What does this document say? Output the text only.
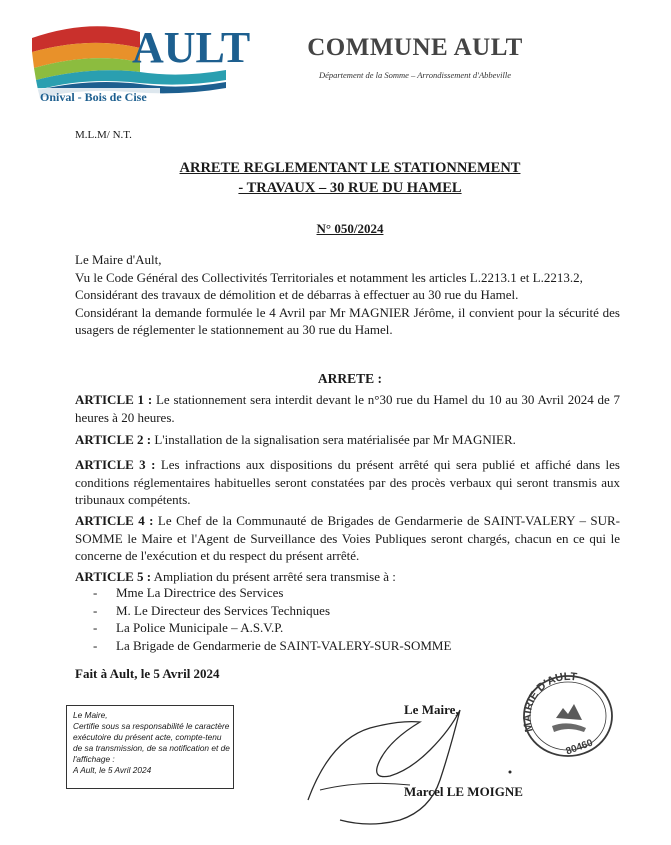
AULT
Onival - Bois de Cise
COMMUNE AULT
Département de la Somme – Arrondissement d'Abbeville
M.L.M/ N.T.
ARRETE REGLEMENTANT LE STATIONNEMENT
- TRAVAUX – 30 RUE DU HAMEL
N° 050/2024

Le Maire d'Ault,

Vu le Code Général des Collectivités Territoriales et notamment les articles L.2213.1 et L.2213.2,

Considérant des travaux de démolition et de débarras à effectuer au 30 rue du Hamel.

Considérant la demande formulée le 4 Avril par Mr MAGNIER Jérôme, il convient pour la sécurité des usagers de réglementer le stationnement au 30 rue du Hamel.

ARRETE :
ARTICLE 1 : Le stationnement sera interdit devant le n°30 rue du Hamel du 10 au 30 Avril 2024 de 7 heures à 20 heures.
ARTICLE 2 : L'installation de la signalisation sera matérialisée par Mr MAGNIER.
ARTICLE 3 : Les infractions aux dispositions du présent arrêté qui sera publié et affiché dans les conditions réglementaires habituelles seront constatées par des procès verbaux qui seront transmis aux tribunaux compétents.
ARTICLE 4 : Le Chef de la Communauté de Brigades de Gendarmerie de SAINT-VALERY – SUR-SOMME le Maire et l'Agent de Surveillance des Voies Publiques seront chargés, chacun en ce qui le concerne de l'exécution et du respect du présent arrêté.
ARTICLE 5 : Ampliation du présent arrêté sera transmise à :
- Mme La Directrice des Services
- M. Le Directeur des Services Techniques
- La Police Municipale – A.S.V.P.
- La Brigade de Gendarmerie de SAINT-VALERY-SUR-SOMME
Fait à Ault, le 5 Avril 2024
Le Maire,
Certifie sous sa responsabilité le caractère
exécutoire du présent acte, compte-tenu
de sa transmission, de sa notification et de
l'affichage :
A Ault, le 5 Avril 2024
Le Maire,
Marcel LE MOIGNE
MAIRIE D'AULT
80460
